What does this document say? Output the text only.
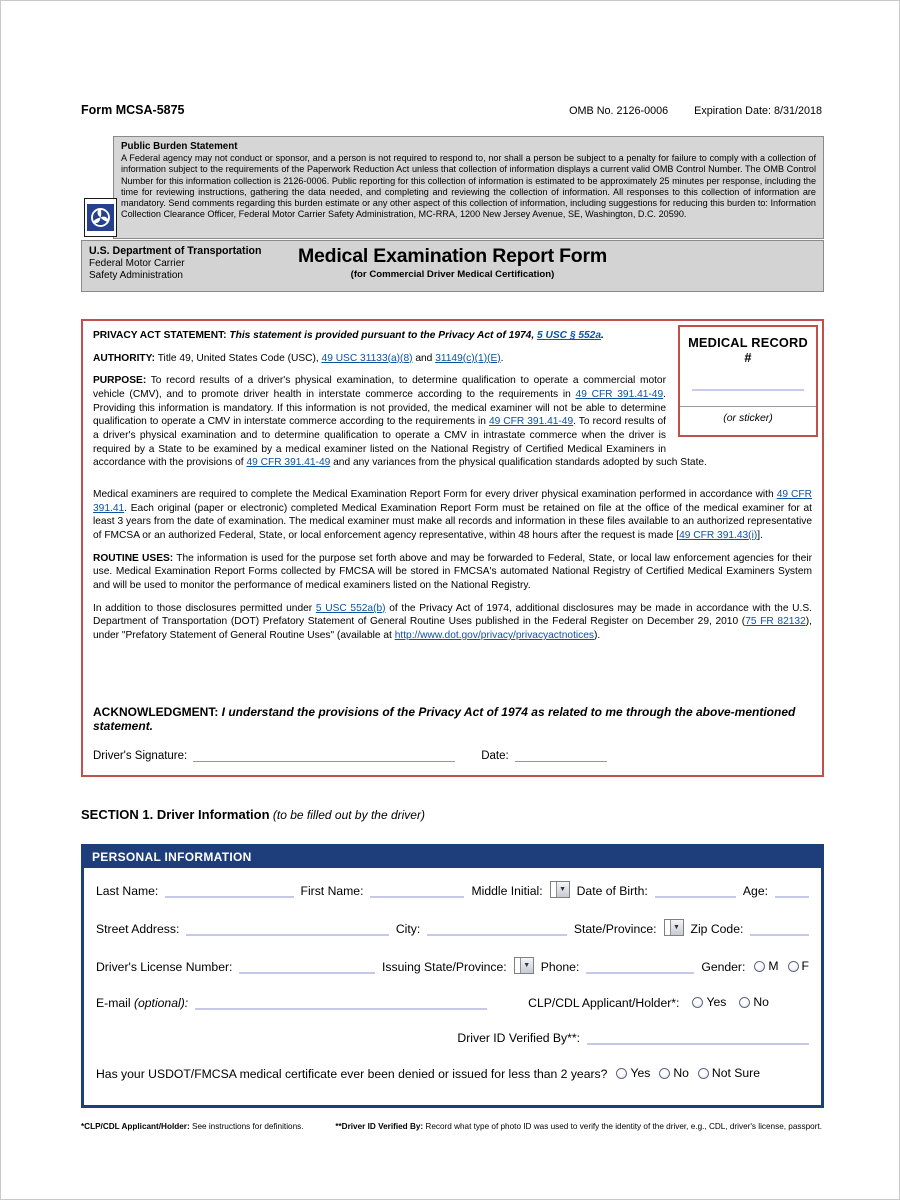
Form MCSA-5875	OMB No. 2126-0006 Expiration Date: 8/31/2018
Public Burden Statement
A Federal agency may not conduct or sponsor, and a person is not required to respond to, nor shall a person be subject to a penalty for failure to comply with a collection of information subject to the requirements of the Paperwork Reduction Act unless that collection of information displays a current valid OMB Control Number. The OMB Control Number for this information collection is 2126-0006. Public reporting for this collection of information is estimated to be approximately 25 minutes per response, including the time for reviewing instructions, gathering the data needed, and completing and reviewing the collection of information. All responses to this collection of information are mandatory. Send comments regarding this burden estimate or any other aspect of this collection of information, including suggestions for reducing this burden to: Information Collection Clearance Officer, Federal Motor Carrier Safety Administration, MC-RRA, 1200 New Jersey Avenue, SE, Washington, D.C. 20590.
Medical Examination Report Form
(for Commercial Driver Medical Certification)
U.S. Department of Transportation
Federal Motor Carrier
Safety Administration
MEDICAL RECORD #
(or sticker)

PRIVACY ACT STATEMENT: This statement is provided pursuant to the Privacy Act of 1974, 5 USC § 552a.

AUTHORITY: Title 49, United States Code (USC), 49 USC 31133(a)(8) and 31149(c)(1)(E).

PURPOSE: To record results of a driver's physical examination, to determine qualification to operate a commercial motor vehicle (CMV), and to promote driver health in interstate commerce according to the requirements in 49 CFR 391.41-49. Providing this information is mandatory. If this information is not provided, the medical examiner will not be able to determine qualification to operate a CMV in interstate commerce according to the requirements in 49 CFR 391.41-49. To record results of a driver's physical examination and to determine qualification to operate a CMV in intrastate commerce when the driver is required by a State to be examined by a medical examiner listed on the National Registry of Certified Medical Examiners in accordance with the provisions of 49 CFR 391.41-49 and any variances from the physical qualification standards adopted by such State.

Medical examiners are required to complete the Medical Examination Report Form for every driver physical examination performed in accordance with 49 CFR 391.41. Each original (paper or electronic) completed Medical Examination Report Form must be retained on file at the office of the medical examiner for at least 3 years from the date of examination. The medical examiner must make all records and information in these files available to an authorized representative of FMCSA or an authorized Federal, State, or local enforcement agency representative, within 48 hours after the request is made [49 CFR 391.43(i)].

ROUTINE USES: The information is used for the purpose set forth above and may be forwarded to Federal, State, or local law enforcement agencies for their use. Medical Examination Report Forms collected by FMCSA will be stored in FMCSA's automated National Registry of Certified Medical Examiners System and will be used to monitor the performance of medical examiners listed on the National Registry.

In addition to those disclosures permitted under 5 USC 552a(b) of the Privacy Act of 1974, additional disclosures may be made in accordance with the U.S. Department of Transportation (DOT) Prefatory Statement of General Routine Uses published in the Federal Register on December 29, 2010 (75 FR 82132), under "Prefatory Statement of General Routine Uses" (available at http://www.dot.gov/privacy/privacyactnotices).

ACKNOWLEDGMENT: I understand the provisions of the Privacy Act of 1974 as related to me through the above-mentioned statement.
Driver's Signature:	Date:
SECTION 1. Driver Information (to be filled out by the driver)
PERSONAL INFORMATION
Last Name:	First Name:	Middle Initial:	▼ Date of Birth:	Age:
Street Address:	City:	State/Province:	▼ Zip Code:
Driver's License Number:	Issuing State/Province:	▼ Phone:	Gender: M F
E-mail (optional):	CLP/CDL Applicant/Holder*: Yes No
Driver ID Verified By**:
Has your USDOT/FMCSA medical certificate ever been denied or issued for less than 2 years? Yes No Not Sure
*CLP/CDL Applicant/Holder: See instructions for definitions.	**Driver ID Verified By: Record what type of photo ID was used to verify the identity of the driver, e.g., CDL, driver's license, passport.
